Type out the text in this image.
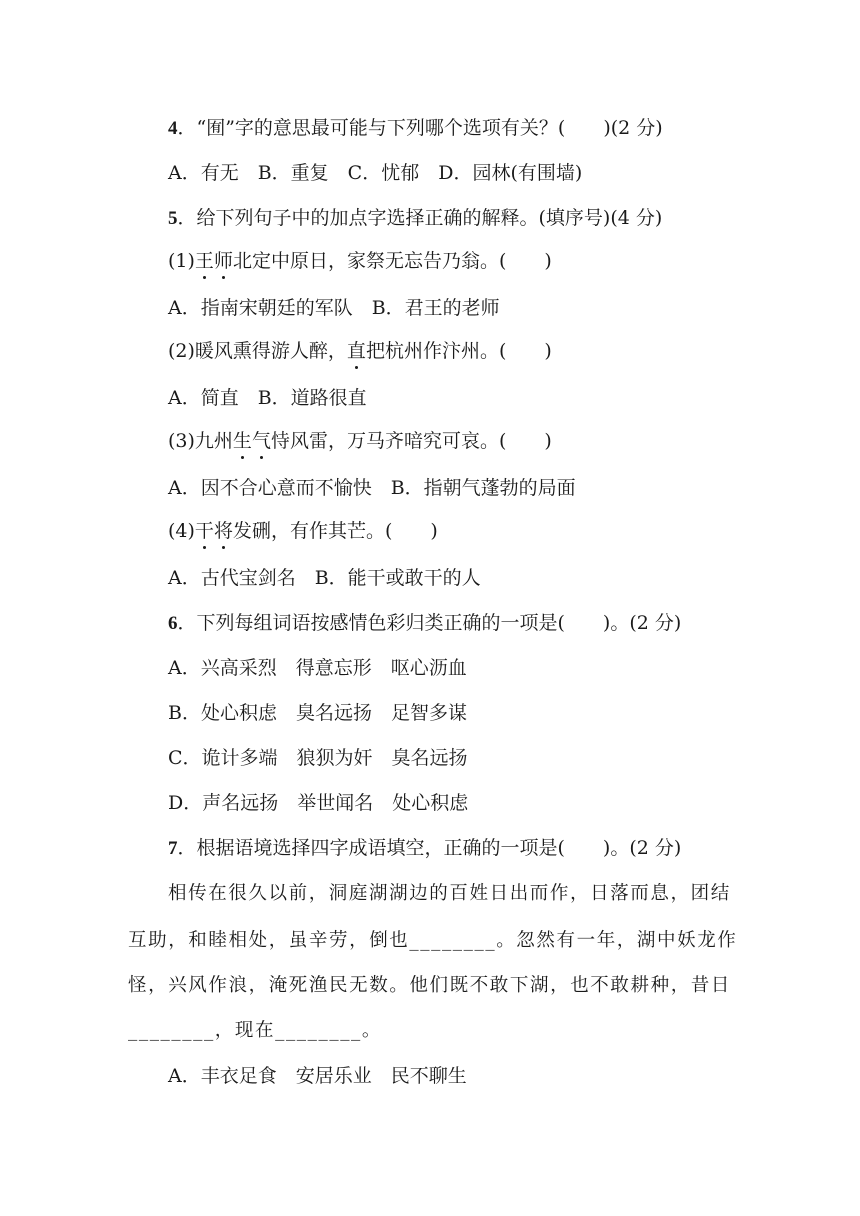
4．“囿”字的意思最可能与下列哪个选项有关？(　　)(2 分)
A．有无　B．重复　C．忧郁　D．园林(有围墙)
5．给下列句子中的加点字选择正确的解释。(填序号)(4 分)
(1)王师北定中原日，家祭无忘告乃翁。(　　)
A．指南宋朝廷的军队　B．君王的老师
(2)暖风熏得游人醉，直把杭州作汴州。(　　)
A．简直　B．道路很直
(3)九州生气恃风雷，万马齐喑究可哀。(　　)
A．因不合心意而不愉快　B．指朝气蓬勃的局面
(4)干将发硎，有作其芒。(　　)
A．古代宝剑名　B．能干或敢干的人
6．下列每组词语按感情色彩归类正确的一项是(　　)。(2 分)
A．兴高采烈　得意忘形　呕心沥血
B．处心积虑　臭名远扬　足智多谋
C．诡计多端　狼狈为奸　臭名远扬
D．声名远扬　举世闻名　处心积虑
7．根据语境选择四字成语填空，正确的一项是(　　)。(2 分)
相传在很久以前，洞庭湖湖边的百姓日出而作，日落而息，团结
互助，和睦相处，虽辛劳，倒也________。忽然有一年，湖中妖龙作
怪，兴风作浪，淹死渔民无数。他们既不敢下湖，也不敢耕种，昔日
________，现在________。
A．丰衣足食　安居乐业　民不聊生
